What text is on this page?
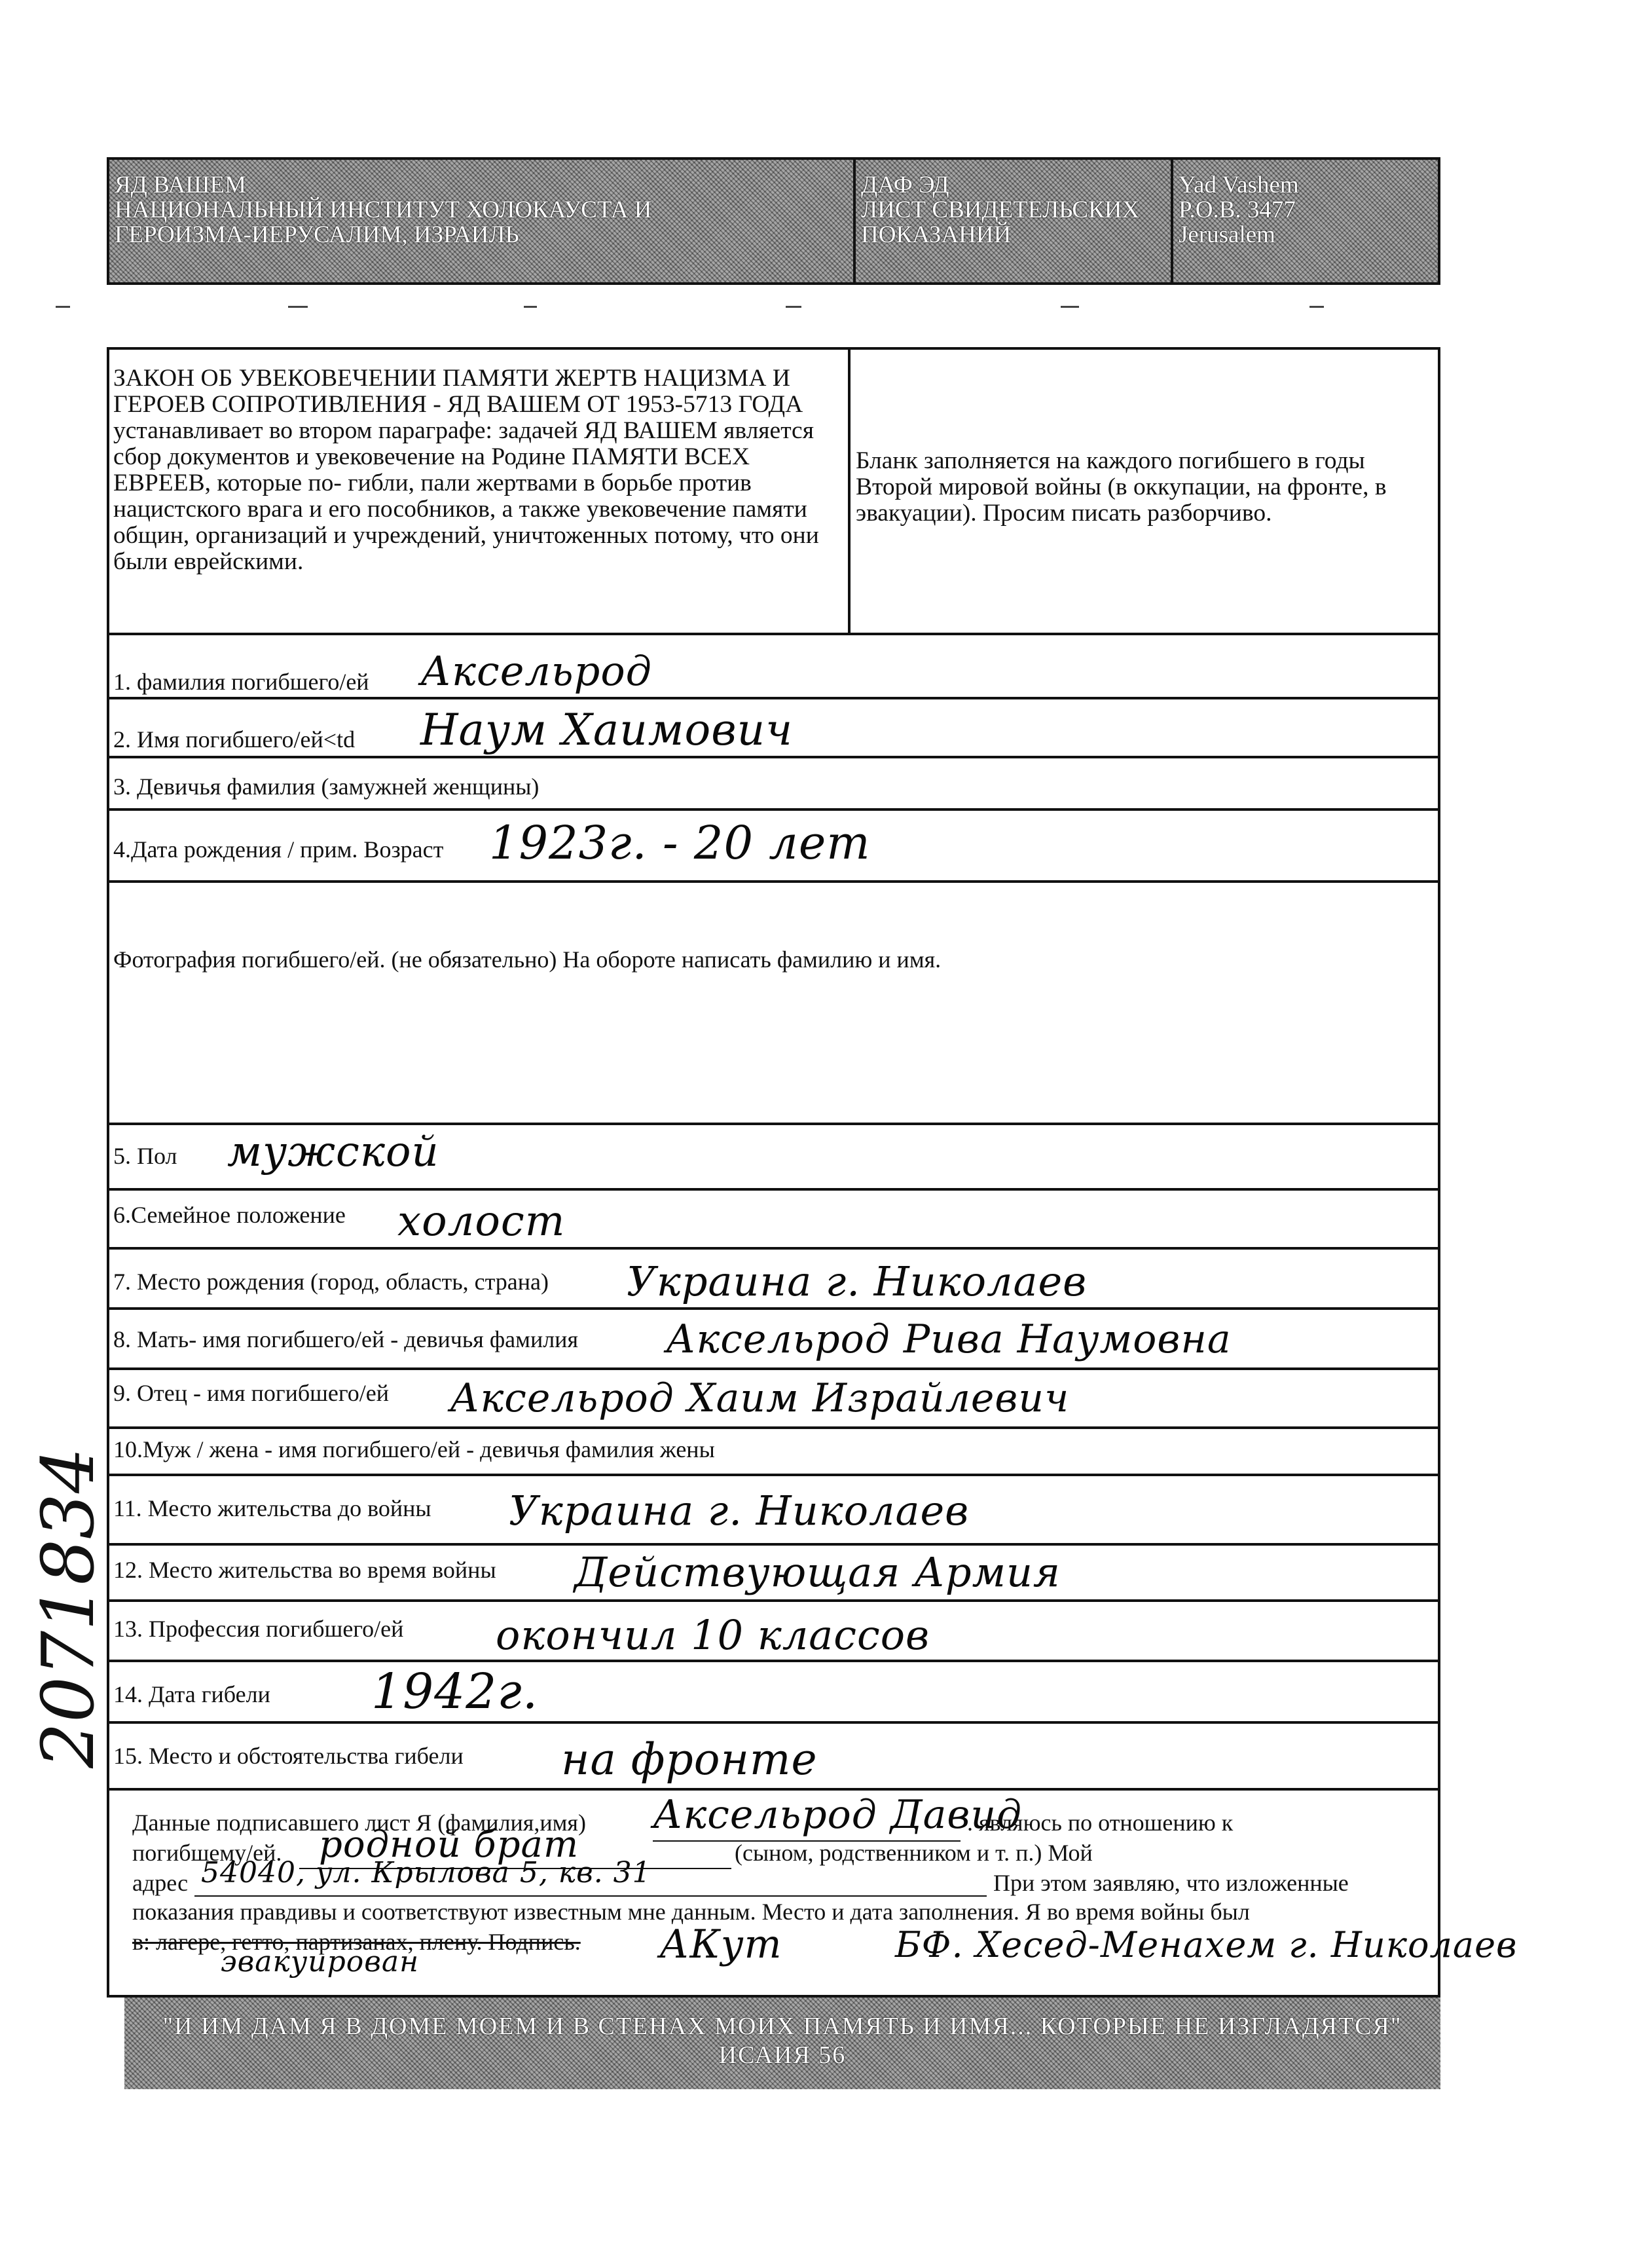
ЯД ВАШЕМ
НАЦИОНАЛЬНЫЙ ИНСТИТУТ ХОЛОКАУСТА И
ГЕРОИЗМА-ИЕРУСАЛИМ, ИЗРАИЛЬ
ДАФ ЭД
ЛИСТ СВИДЕТЕЛЬСКИХ
ПОКАЗАНИЙ
Yad Vashem
P.O.B. 3477
Jerusalem
ЗАКОН ОБ УВЕКОВЕЧЕНИИ ПАМЯТИ ЖЕРТВ НАЦИЗМА И ГЕРОЕВ СОПРОТИВЛЕНИЯ - ЯД ВАШЕМ ОТ 1953-5713 ГОДА устанавливает во втором параграфе: задачей ЯД ВАШЕМ является сбор документов и увековечение на Родине ПАМЯТИ ВСЕХ ЕВРЕЕВ, которые по- гибли, пали жертвами в борьбе против нацистского врага и его пособников, а также увековечение памяти общин, организаций и учреждений, уничтоженных потому, что они были еврейскими.
Бланк заполняется на каждого погибшего в годы Второй мировой войны (в оккупации, на фронте, в эвакуации). Просим писать разборчиво.
1. фамилия погибшего/ей Аксельрод
2. Имя погибшего/ей<td Наум Хаимович
3. Девичья фамилия (замужней женщины)
4.Дата рождения / прим. Возраст 1923г. - 20 лет
Фотография погибшего/ей. (не обязательно) На обороте написать фамилию и имя.
5. Пол мужской
6.Семейное положение холост
7. Место рождения (город, область, страна) Украина г. Николаев
8. Мать- имя погибшего/ей - девичья фамилия Аксельрод Рива Наумовна
9. Отец - имя погибшего/ей Аксельрод Хаим Израйлевич
10.Муж / жена - имя погибшего/ей - девичья фамилия жены
11. Место жительства до войны Украина г. Николаев
12. Место жительства во время войны Действующая Армия
13. Профессия погибшего/ей окончил 10 классов
14. Дата гибели 1942г.
15. Место и обстоятельства гибели на фронте
Данные подписавшего лист Я (фамилия,имя) Аксельрод Давид
. являюсь по отношению к
погибшему/ей. родной брат	(сыном, родственником и т. п.) Мой
адрес 54040, ул. Крылова 5, кв. 31	При этом заявляю, что изложенные
показания правдивы и соответствуют известным мне данным. Место и дата заполнения. Я во время войны был
в: лагере, гетто, партизанах, плену. Подпись.
эвакуирован	АКут	БФ. Хесед-Менахем г. Николаев
"И ИМ ДАМ Я В ДОМЕ МОЕМ И В СТЕНАХ МОИХ ПАМЯТЬ И ИМЯ... КОТОРЫЕ НЕ ИЗГЛАДЯТСЯ" ИСАИЯ 56
2071834
